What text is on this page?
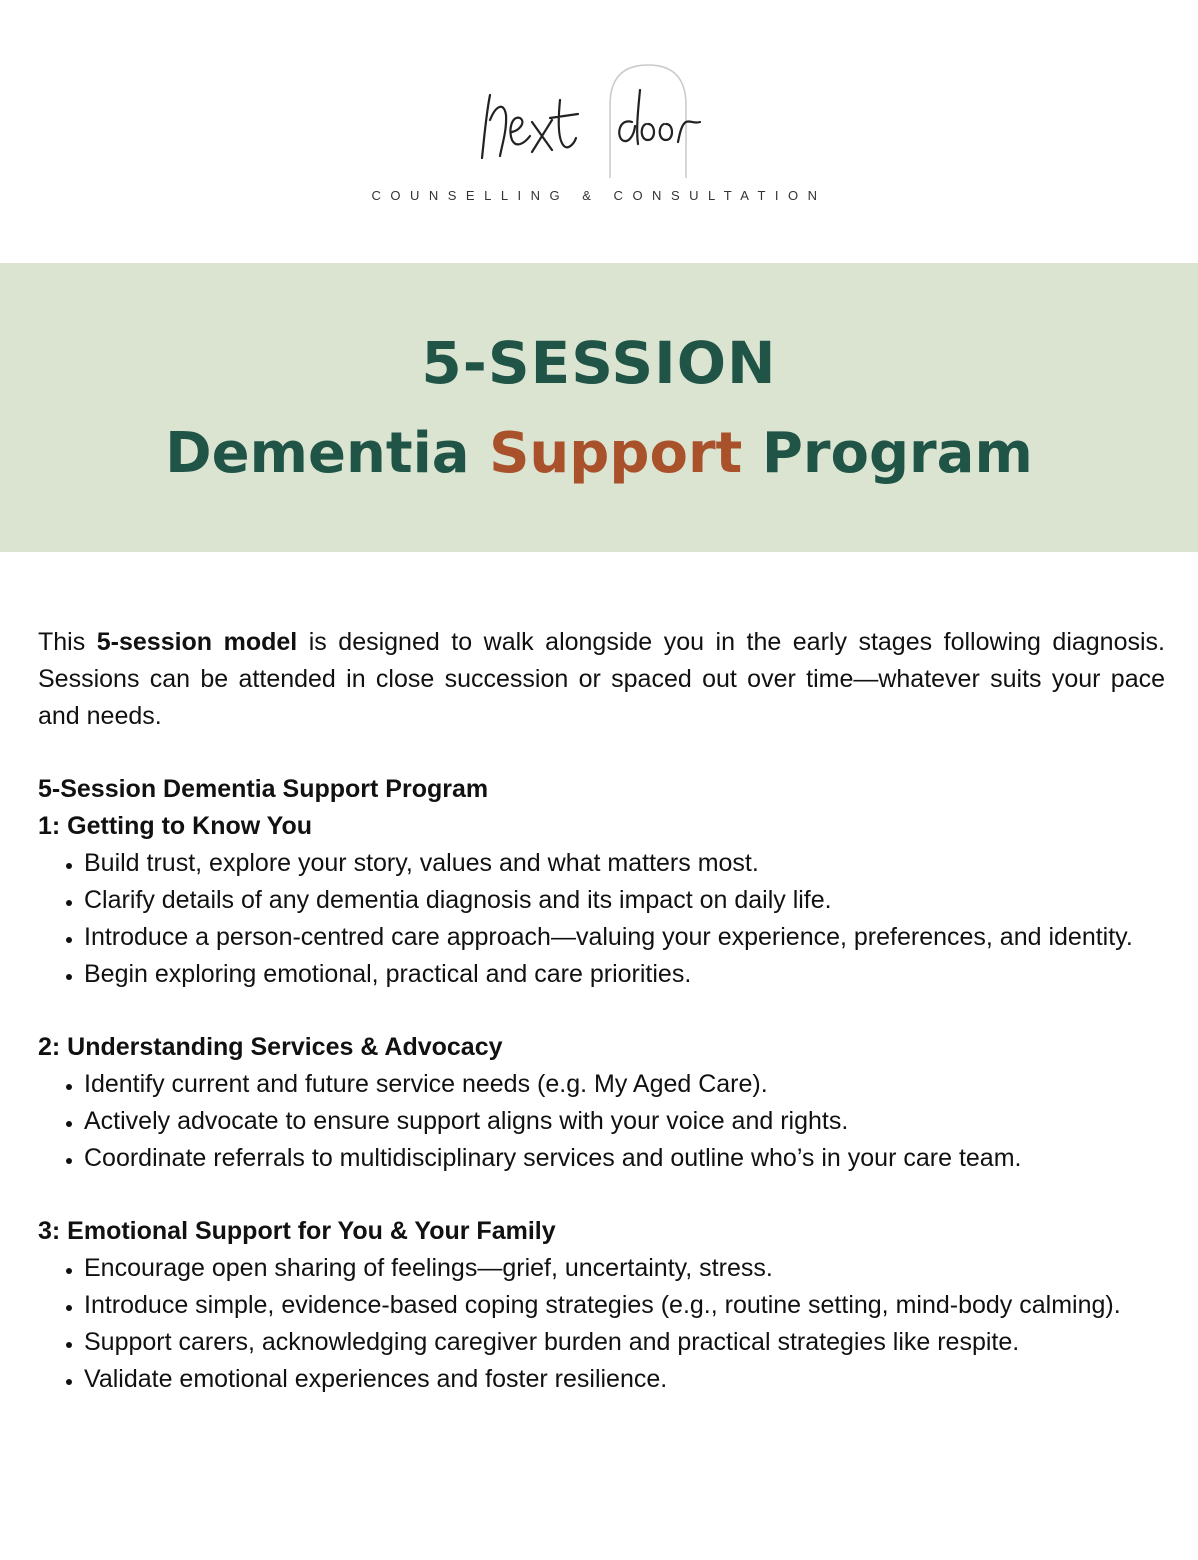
COUNSELLING & CONSULTATION
5-SESSION
Dementia Support Program

This 5-session model is designed to walk alongside you in the early stages following diagnosis. Sessions can be attended in close succession or spaced out over time—whatever suits your pace and needs.

5-Session Dementia Support Program

1: Getting to Know You

• Build trust, explore your story, values and what matters most.
• Clarify details of any dementia diagnosis and its impact on daily life.
• Introduce a person-centred care approach—valuing your experience, preferences, and identity.
• Begin exploring emotional, practical and care priorities.

2: Understanding Services & Advocacy

• Identify current and future service needs (e.g. My Aged Care).
• Actively advocate to ensure support aligns with your voice and rights.
• Coordinate referrals to multidisciplinary services and outline who’s in your care team.

3: Emotional Support for You & Your Family

• Encourage open sharing of feelings—grief, uncertainty, stress.
• Introduce simple, evidence-based coping strategies (e.g., routine setting, mind-body calming).
• Support carers, acknowledging caregiver burden and practical strategies like respite.
• Validate emotional experiences and foster resilience.
